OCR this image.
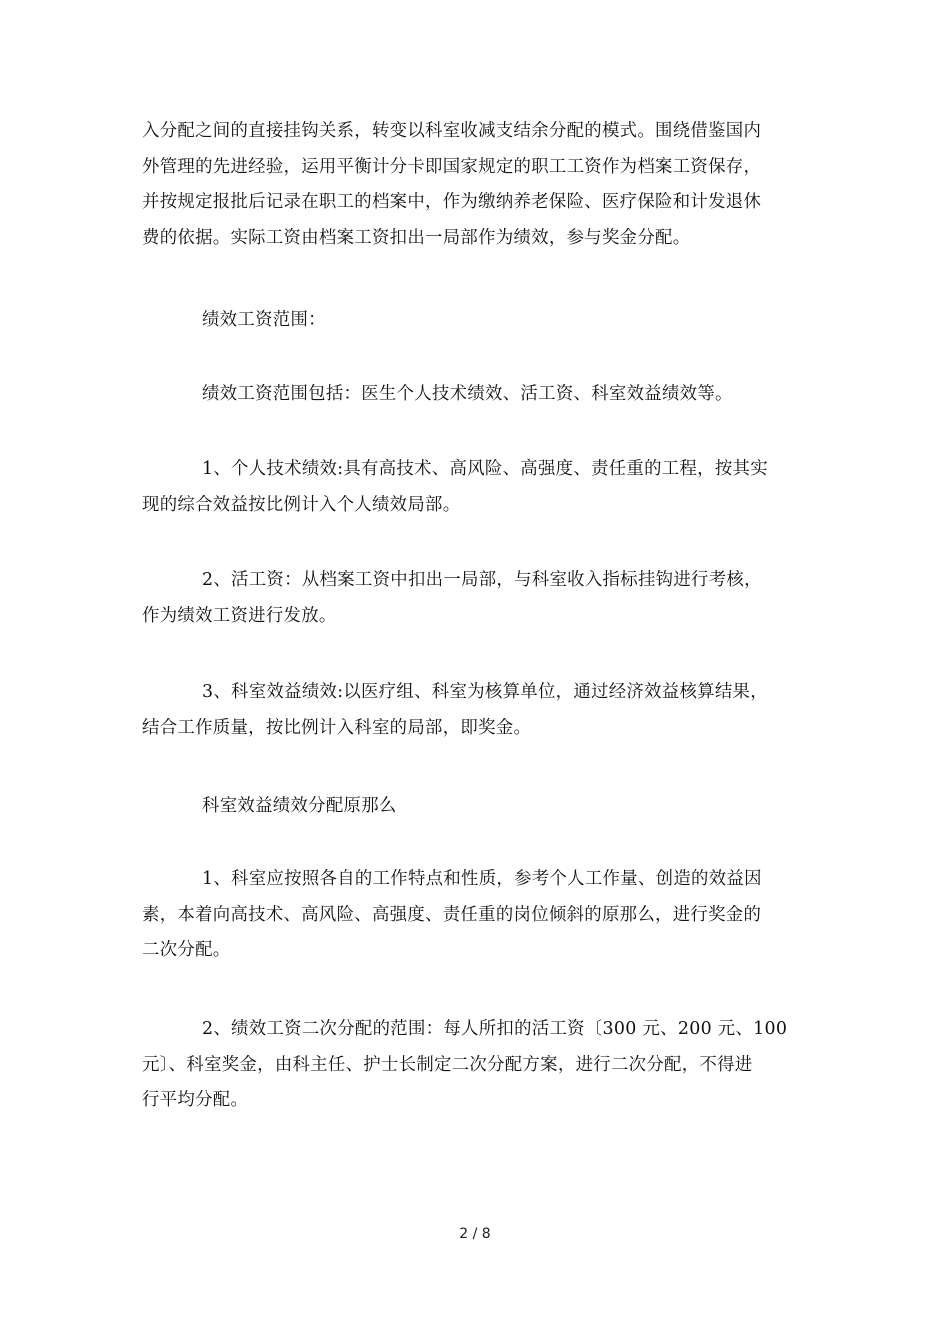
入分配之间的直接挂钩关系，转变以科室收减支结余分配的模式。围绕借鉴国内
外管理的先进经验，运用平衡计分卡即国家规定的职工工资作为档案工资保存，
并按规定报批后记录在职工的档案中，作为缴纳养老保险、医疗保险和计发退休
费的依据。实际工资由档案工资扣出一局部作为绩效，参与奖金分配。
绩效工资范围：
绩效工资范围包括：医生个人技术绩效、活工资、科室效益绩效等。
1、个人技术绩效:具有高技术、高风险、高强度、责任重的工程，按其实
现的综合效益按比例计入个人绩效局部。
2、活工资：从档案工资中扣出一局部，与科室收入指标挂钩进行考核，
作为绩效工资进行发放。
3、科室效益绩效:以医疗组、科室为核算单位，通过经济效益核算结果，
结合工作质量，按比例计入科室的局部，即奖金。
科室效益绩效分配原那么
1、科室应按照各自的工作特点和性质，参考个人工作量、创造的效益因
素，本着向高技术、高风险、高强度、责任重的岗位倾斜的原那么，进行奖金的
二次分配。
2、绩效工资二次分配的范围：每人所扣的活工资〔300 元、200 元、100
元〕、科室奖金，由科主任、护士长制定二次分配方案，进行二次分配，不得进
行平均分配。
2 / 8
